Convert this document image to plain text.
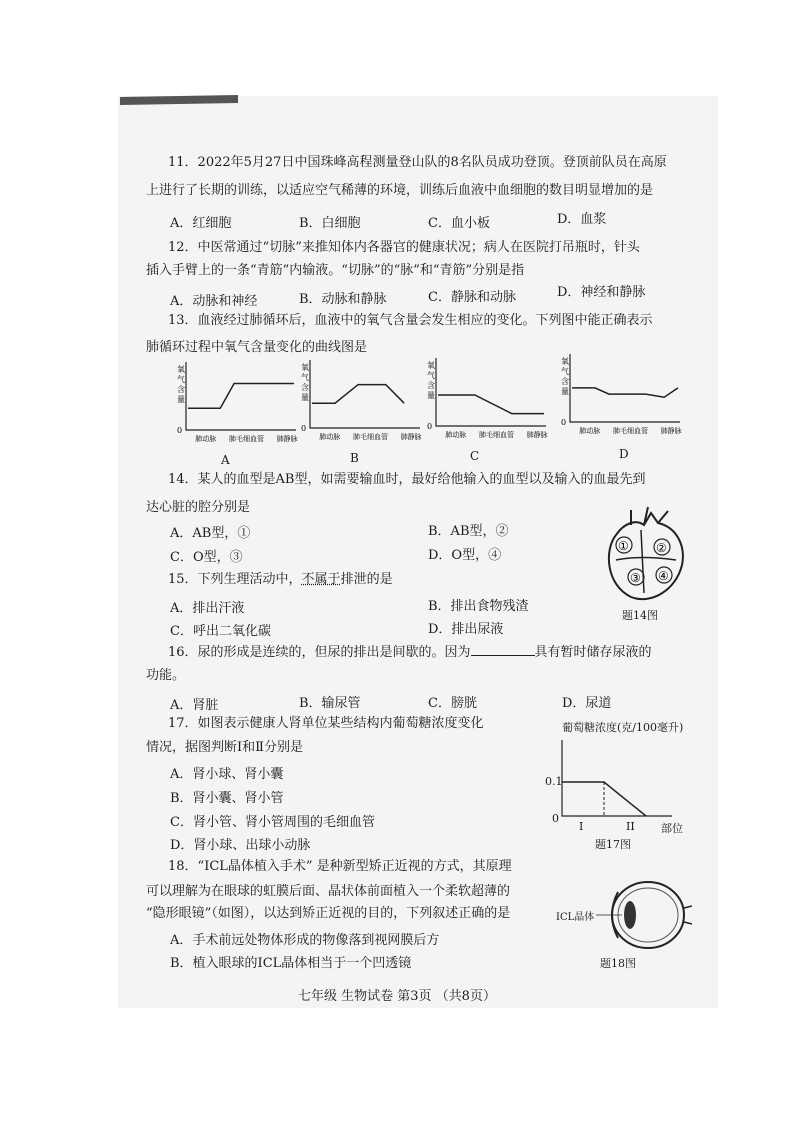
11．2022年5月27日中国珠峰高程测量登山队的8名队员成功登顶。登顶前队员在高原
上进行了长期的训练，以适应空气稀薄的环境，训练后血液中血细胞的数目明显增加的是
A．红细胞	B．白细胞	C．血小板	D．血浆
12．中医常通过“切脉”来推知体内各器官的健康状况；病人在医院打吊瓶时，针头
插入手臂上的一条“青筋”内输液。“切脉”的“脉”和“青筋”分别是指
A．动脉和神经	B．动脉和静脉	C．静脉和动脉	D．神经和静脉
13．血液经过肺循环后，血液中的氧气含量会发生相应的变化。下列图中能正确表示
肺循环过程中氧气含量变化的曲线图是
氧
气
含
量
0
肺动脉 肺毛细血管 肺静脉
氧
气
含
量
0
肺动脉 肺毛细血管 肺静脉
氧
气
含
量
0
肺动脉 肺毛细血管 肺静脉
氧
气
含
量
0
肺动脉 肺毛细血管 肺静脉
A	B	C	D
14．某人的血型是AB型，如需要输血时，最好给他输入的血型以及输入的血最先到
达心脏的腔分别是
A．AB型，①	B．AB型，②
C．O型，③	D．O型，④
① ②
③ ④
题14图
15．下列生理活动中，不属于排泄的是
A．排出汗液	B．排出食物残渣
C．呼出二氧化碳	D．排出尿液
16．尿的形成是连续的，但尿的排出是间歇的。因为	具有暂时储存尿液的
功能。
A．肾脏	B．输尿管	C．膀胱	D．尿道
17．如图表示健康人肾单位某些结构内葡萄糖浓度变化
情况，据图判断Ⅰ和Ⅱ分别是
A．肾小球、肾小囊
B．肾小囊、肾小管
C．肾小管、肾小管周围的毛细血管
D．肾小球、出球小动脉
葡萄糖浓度(克/100毫升)
0.1
0
I	II 部位
题17图
18．“ICL晶体植入手术” 是种新型矫正近视的方式，其原理
可以理解为在眼球的虹膜后面、晶状体前面植入一个柔软超薄的
“隐形眼镜”（如图），以达到矫正近视的目的，下列叙述正确的是
A．手术前远处物体形成的物像落到视网膜后方
B．植入眼球的ICL晶体相当于一个凹透镜
ICL晶体
题18图
七年级 生物试卷 第3页 （共8页）
